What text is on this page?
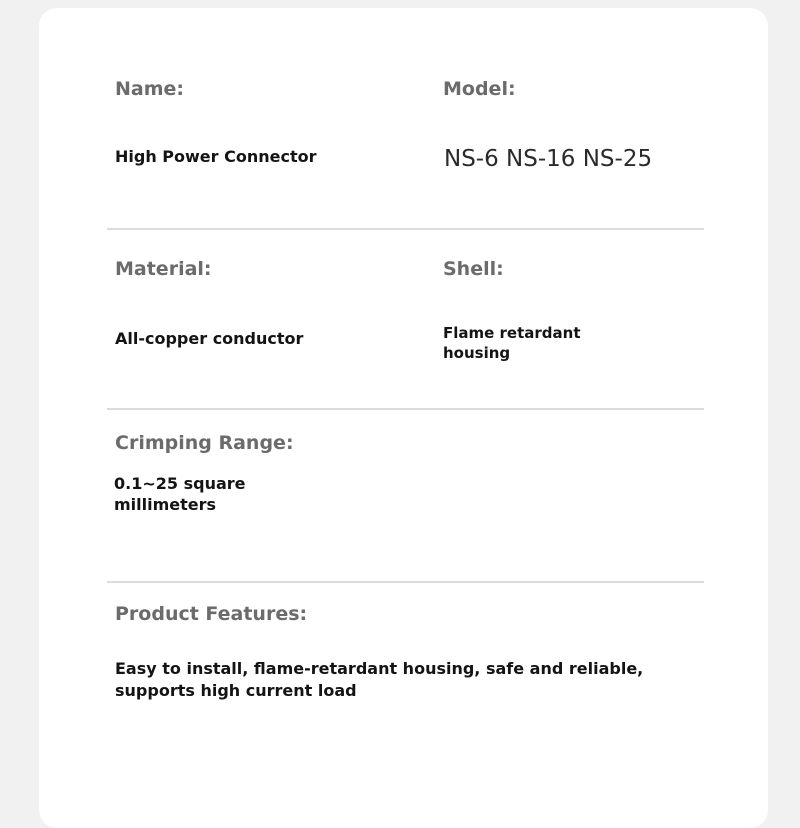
Name:
High Power Connector
Model:
NS-6 NS-16 NS-25
Material:
All-copper conductor
Shell:
Flame retardant
housing
Crimping Range:
0.1~25 square
millimeters
Product Features:
Easy to install, flame-retardant housing, safe and reliable,
supports high current load
